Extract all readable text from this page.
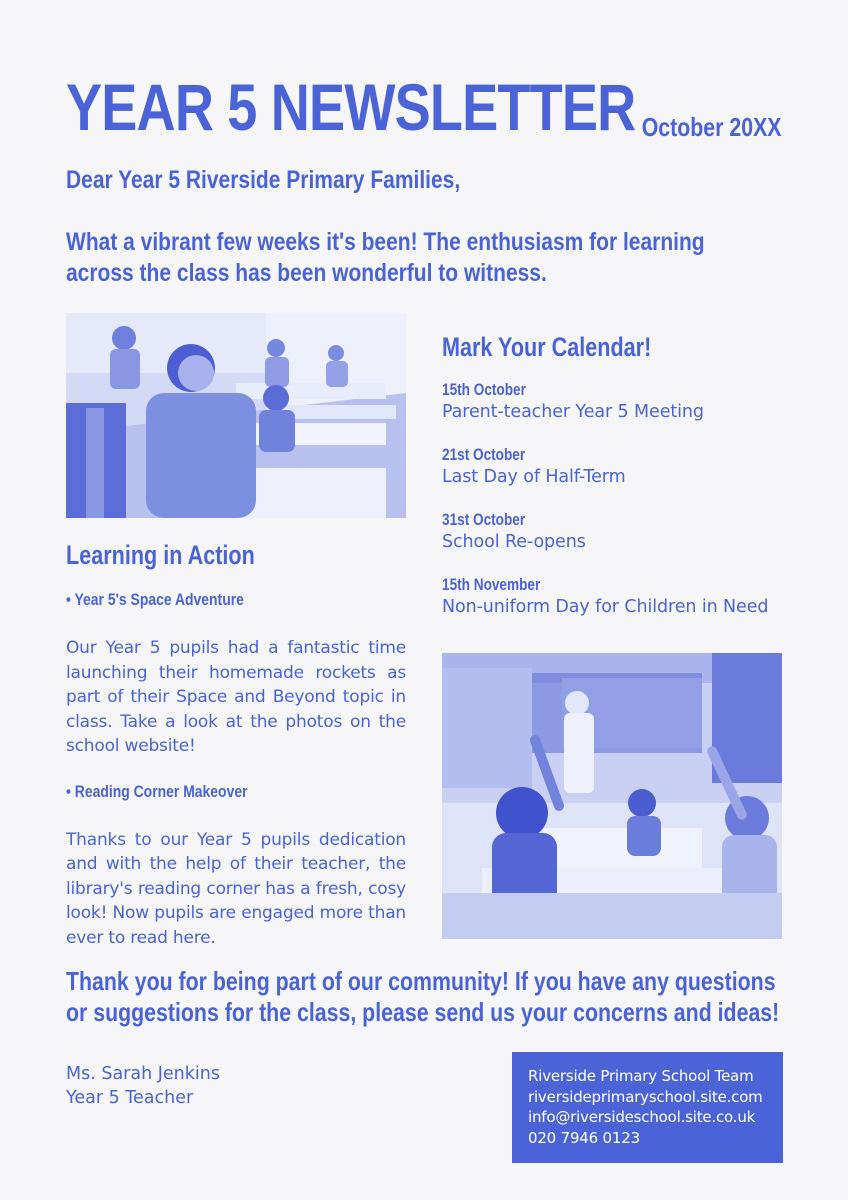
YEAR 5 NEWSLETTER October 20XX
Dear Year 5 Riverside Primary Families,
What a vibrant few weeks it's been! The enthusiasm for learning across the class has been wonderful to witness.
Learning in Action
• Year 5's Space Adventure
Our Year 5 pupils had a fantastic time launching their homemade rockets as part of their Space and Beyond topic in class. Take a look at the photos on the school website!
• Reading Corner Makeover
Thanks to our Year 5 pupils dedication and with the help of their teacher, the library's reading corner has a fresh, cosy look! Now pupils are engaged more than ever to read here.
Mark Your Calendar!
15th October
Parent-teacher Year 5 Meeting
21st October
Last Day of Half-Term
31st October
School Re-opens
15th November
Non-uniform Day for Children in Need
Thank you for being part of our community! If you have any questions or suggestions for the class, please send us your concerns and ideas!
Ms. Sarah Jenkins
Year 5 Teacher
Riverside Primary School Team
riversideprimaryschool.site.com
info@riversideschool.site.co.uk
020 7946 0123
